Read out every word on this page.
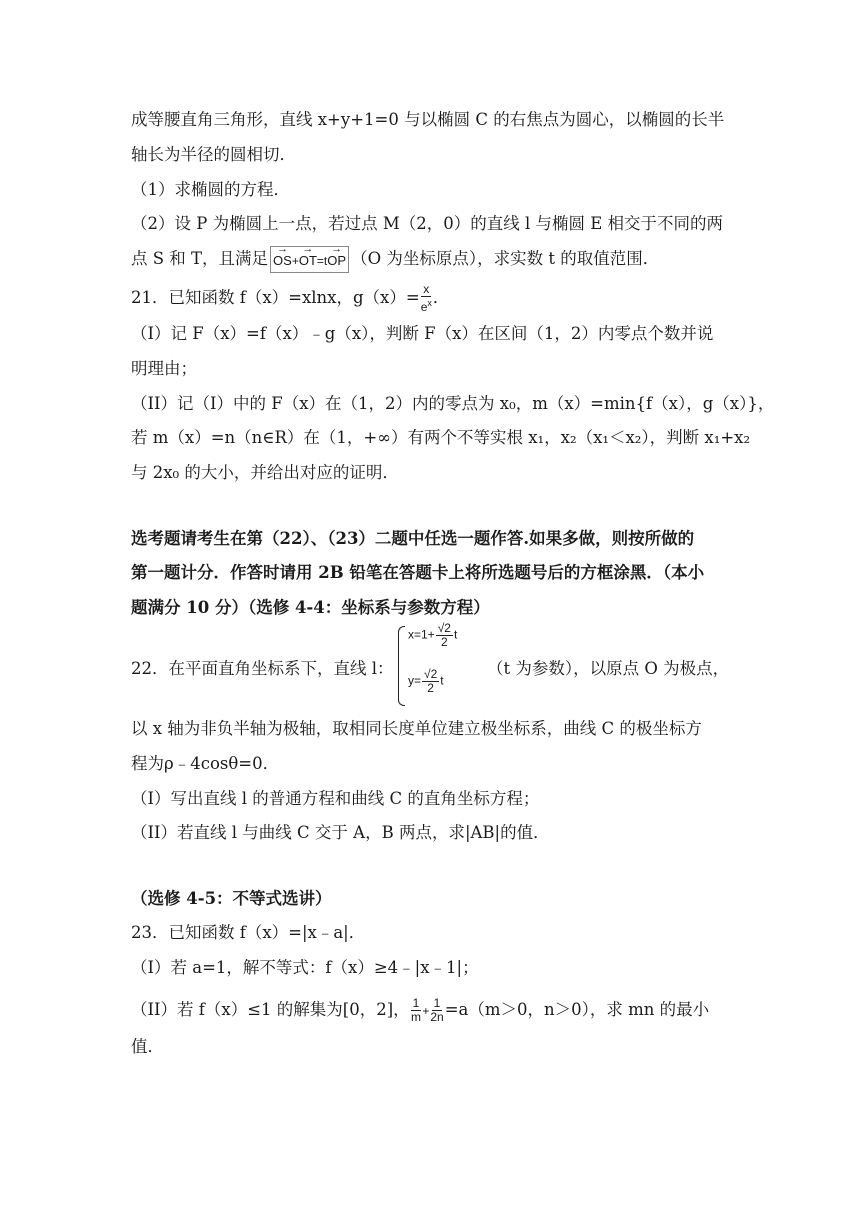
成等腰直角三角形，直线 x+y+1=0 与以椭圆 C 的右焦点为圆心，以椭圆的长半
轴长为半径的圆相切．
（1）求椭圆的方程．
（2）设 P 为椭圆上一点，若过点 M（2，0）的直线 l 与椭圆 E 相交于不同的两
点 S 和 T，且满足→ OS+→ OT=t→ OP （O 为坐标原点），求实数 t 的取值范围．
21．已知函数 f（x）=xlnx，$g(x)= \frac{x}{e^x}$ ．
（I）记 F（x）=f（x）﹣g（x），判断 F（x）在区间（1，2）内零点个数并说
明理由；
（II）记（I）中的 F（x）在（1，2）内的零点为 x₀，m（x）=min{f（x），g（x）}，
若 m（x）=n（n∈R）在（1，+∞）有两个不等实根 x₁，x₂（x₁＜x₂），判断 x₁+x₂
与 2x₀ 的大小，并给出对应的证明．
选考题请考生在第（22）、（23）二题中任选一题作答.如果多做，则按所做的
第一题计分．作答时请用 2B 铅笔在答题卡上将所选题号后的方框涂黑．（本小
题满分 10 分）（选修 4-4：坐标系与参数方程）
22．在平面直角坐标系下，直线 l：
$x=1+ \frac{√2}{2}$ t
$y= \frac{√2}{2}$ t
（t 为参数），以原点 O 为极点，
以 x 轴为非负半轴为极轴，取相同长度单位建立极坐标系，曲线 C 的极坐标方
程为ρ﹣4cosθ=0．
（I）写出直线 l 的普通方程和曲线 C 的直角坐标方程；
（II）若直线 l 与曲线 C 交于 A，B 两点，求|AB|的值．
（选修 4-5：不等式选讲）
23．已知函数 f（x）=|x﹣a|．
（I）若 a=1，解不等式：f（x）≥4﹣|x﹣1|；
（II）若 f（x）≤1 的解集为[0，2]， $\frac{1}{m} + \frac{1}{2n} =a(m>0$，n＞0），求 mn 的最小
值．
